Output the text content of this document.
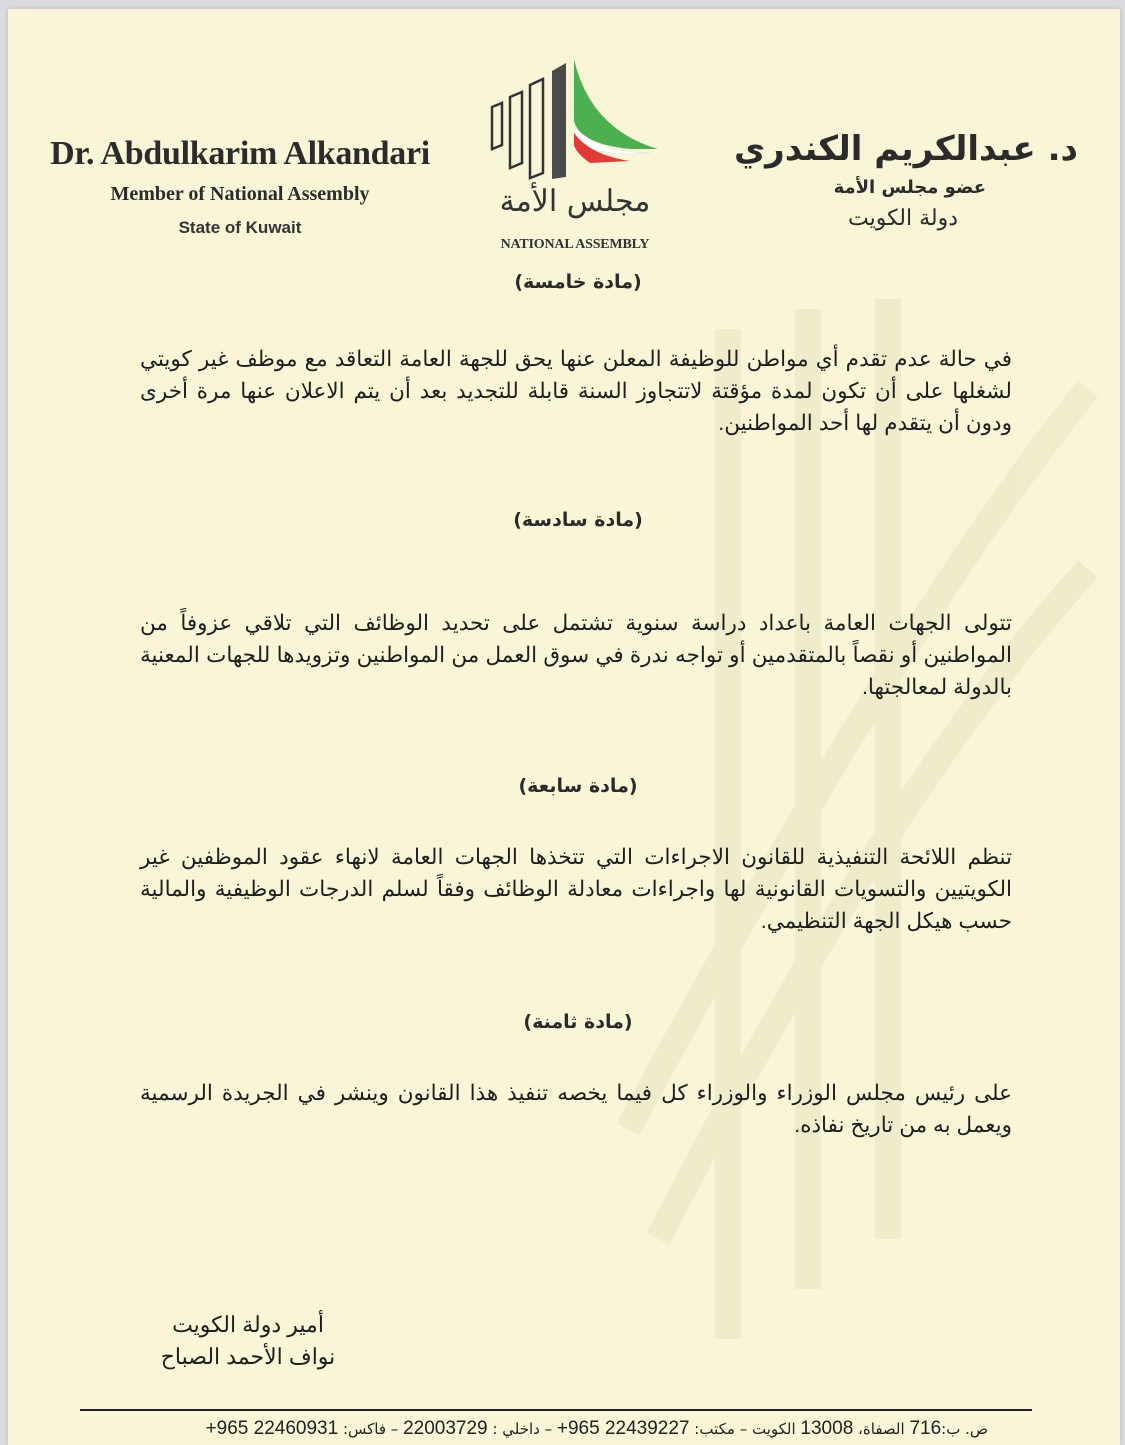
Dr. Abdulkarim Alkandari
Member of National Assembly
State of Kuwait
مجلس الأمة
NATIONAL ASSEMBLY
د. عبدالكريم الكندري
عضو مجلس الأمة
دولة الكويت
(مادة خامسة)
في حالة عدم تقدم أي مواطن للوظيفة المعلن عنها يحق للجهة العامة التعاقد مع موظف غير كويتي لشغلها على أن تكون لمدة مؤقتة لاتتجاوز السنة قابلة للتجديد بعد أن يتم الاعلان عنها مرة أخرى ودون أن يتقدم لها أحد المواطنين.
(مادة سادسة)
تتولى الجهات العامة باعداد دراسة سنوية تشتمل على تحديد الوظائف التي تلاقي عزوفاً من المواطنين أو نقصاً بالمتقدمين أو تواجه ندرة في سوق العمل من المواطنين وتزويدها للجهات المعنية بالدولة لمعالجتها.
(مادة سابعة)
تنظم اللائحة التنفيذية للقانون الاجراءات التي تتخذها الجهات العامة لانهاء عقود الموظفين غير الكويتيين والتسويات القانونية لها واجراءات معادلة الوظائف وفقاً لسلم الدرجات الوظيفية والمالية حسب هيكل الجهة التنظيمي.
(مادة ثامنة)
على رئيس مجلس الوزراء والوزراء كل فيما يخصه تنفيذ هذا القانون وينشر في الجريدة الرسمية ويعمل به من تاريخ نفاذه.
أمير دولة الكويت
نواف الأحمد الصباح
ص. ب:716 الصفاة، 13008 الكويت – مكتب: +965 22439227 – داخلي : 22003729 – فاكس: +965 22460931
